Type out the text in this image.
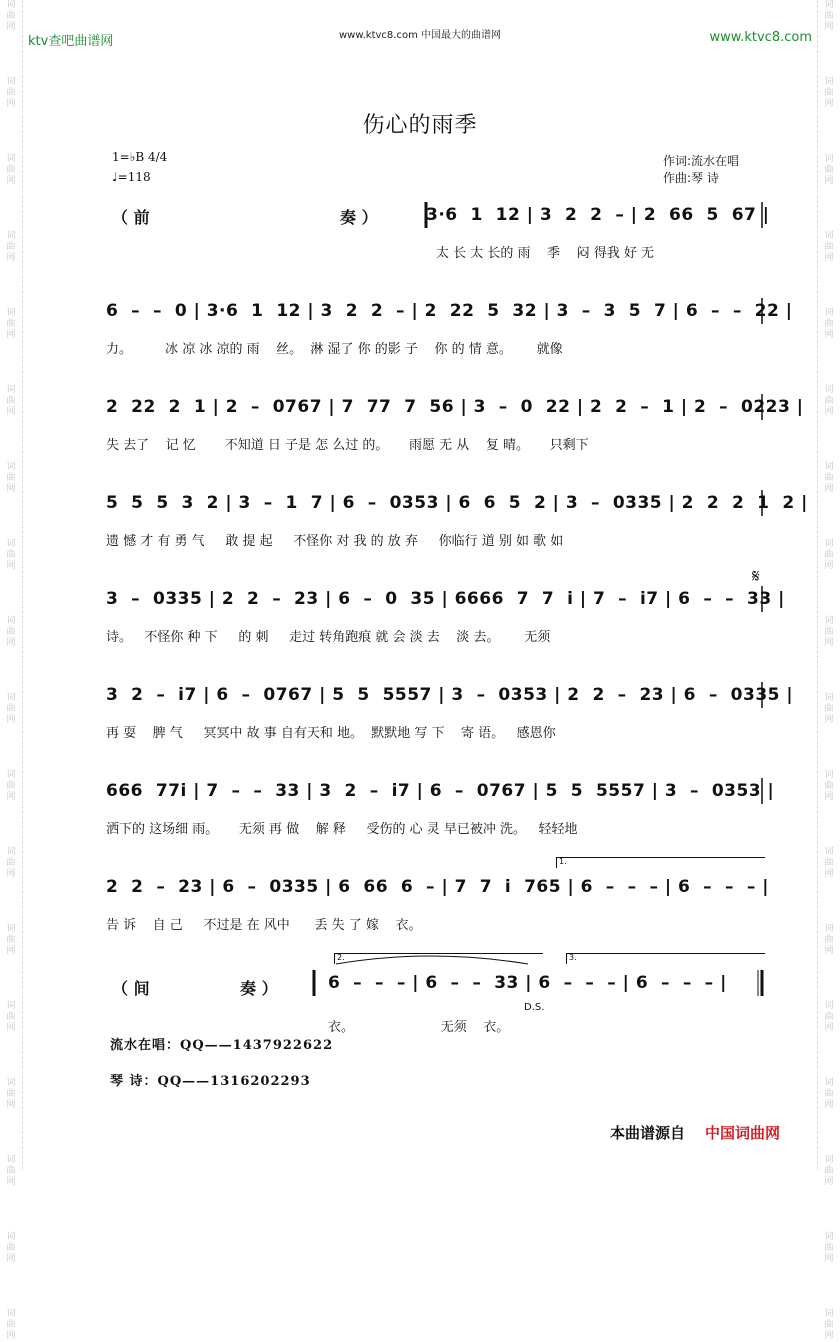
词
曲
网

词
曲
网

词
曲
网

词
曲
网

词
曲
网

词
曲
网

词
曲
网

词
曲
网

词
曲
网

词
曲
网

词
曲
网

词
曲
网

词
曲
网

词
曲
网

词
曲
网

词
曲
网

词
曲
网

词
曲
网

词
曲
网

词
曲
网

词
曲
网

词
曲
网

词
曲
网

词
曲
网

词
曲
网

词
曲
网

词
曲
网

词
曲
网

词
曲
网

词
曲
网

词
曲
网

词
曲
网

词
曲
网

词
曲
网

词
曲
网

词
曲
网

ktv查吧曲谱网	www.ktvc8.com 中国最大的曲谱网	www.ktvc8.com
伤心的雨季
1=♭B 4/4
♩=118
作词:流水在唱
作曲:琴 诗
（ 前	奏 ）	3·6  1  12 | 3  2  2  – | 2  66  5  67 |
太 长 太 长的 雨    季    闷 得我 好 无
6  –  –  0 | 3·6  1  12 | 3  2  2  – | 2  22  5  32 | 3  –  3  5  7 | 6  –  –  22 |
力。        冰 凉 冰 凉的 雨    丝。  淋 湿了 你 的影 子    你 的 情 意。      就像
2  22  2  1 | 2  –  0767 | 7  77  7  56 | 3  –  0  22 | 2  2  –  1 | 2  –  0223 |
失 去了    记 忆       不知道 日 子是 怎 么过 的。     雨愿 无 从    复 晴。     只剩下
5  5  5  3  2 | 3  –  1  7 | 6  –  0353 | 6  6  5  2 | 3  –  0335 | 2  2  2  1  2 |
遗 憾 才 有 勇 气     敢 提 起     不怪你 对 我 的 放 弃     你临行 道 别 如 歌 如
3  –  0335 | 2  2  –  23 | 6  –  0  35 | 6666  7  7  i | 7  –  i7 | 6  –  –  33 |
诗。   不怪你 种 下     的 刺     走过 转角跑痕 就 会 淡 去    淡 去。      无须
3  2  –  i7 | 6  –  0767 | 5  5  5557 | 3  –  0353 | 2  2  –  23 | 6  –  0335 |
再 耍    脾 气     冥冥中 故 事 自有天和 地。  默默地 写 下    寄 语。   感恩你
666  77i | 7  –  –  33 | 3  2  –  i7 | 6  –  0767 | 5  5  5557 | 3  –  0353 |
洒下的 这场细 雨。     无须 再 做    解 释     受伤的 心 灵 早已被冲 洗。   轻轻地
2  2  –  23 | 6  –  0335 | 6  66  6  – | 7  7  i  765 | 6  –  –  – | 6  –  –  – |
告 诉    自 己     不过是 在 风中      丢 失 了 嫁    衣。
（ 间	奏 ）	6  –  –  – | 6  –  –  33 | 6  –  –  – | 6  –  –  – |
衣。                     无须    衣。
1.
2.	3.
D.S.
𝄋
流水在唱：QQ——1437922622
琴 诗：QQ——1316202293
本曲谱源自 中国词曲网
